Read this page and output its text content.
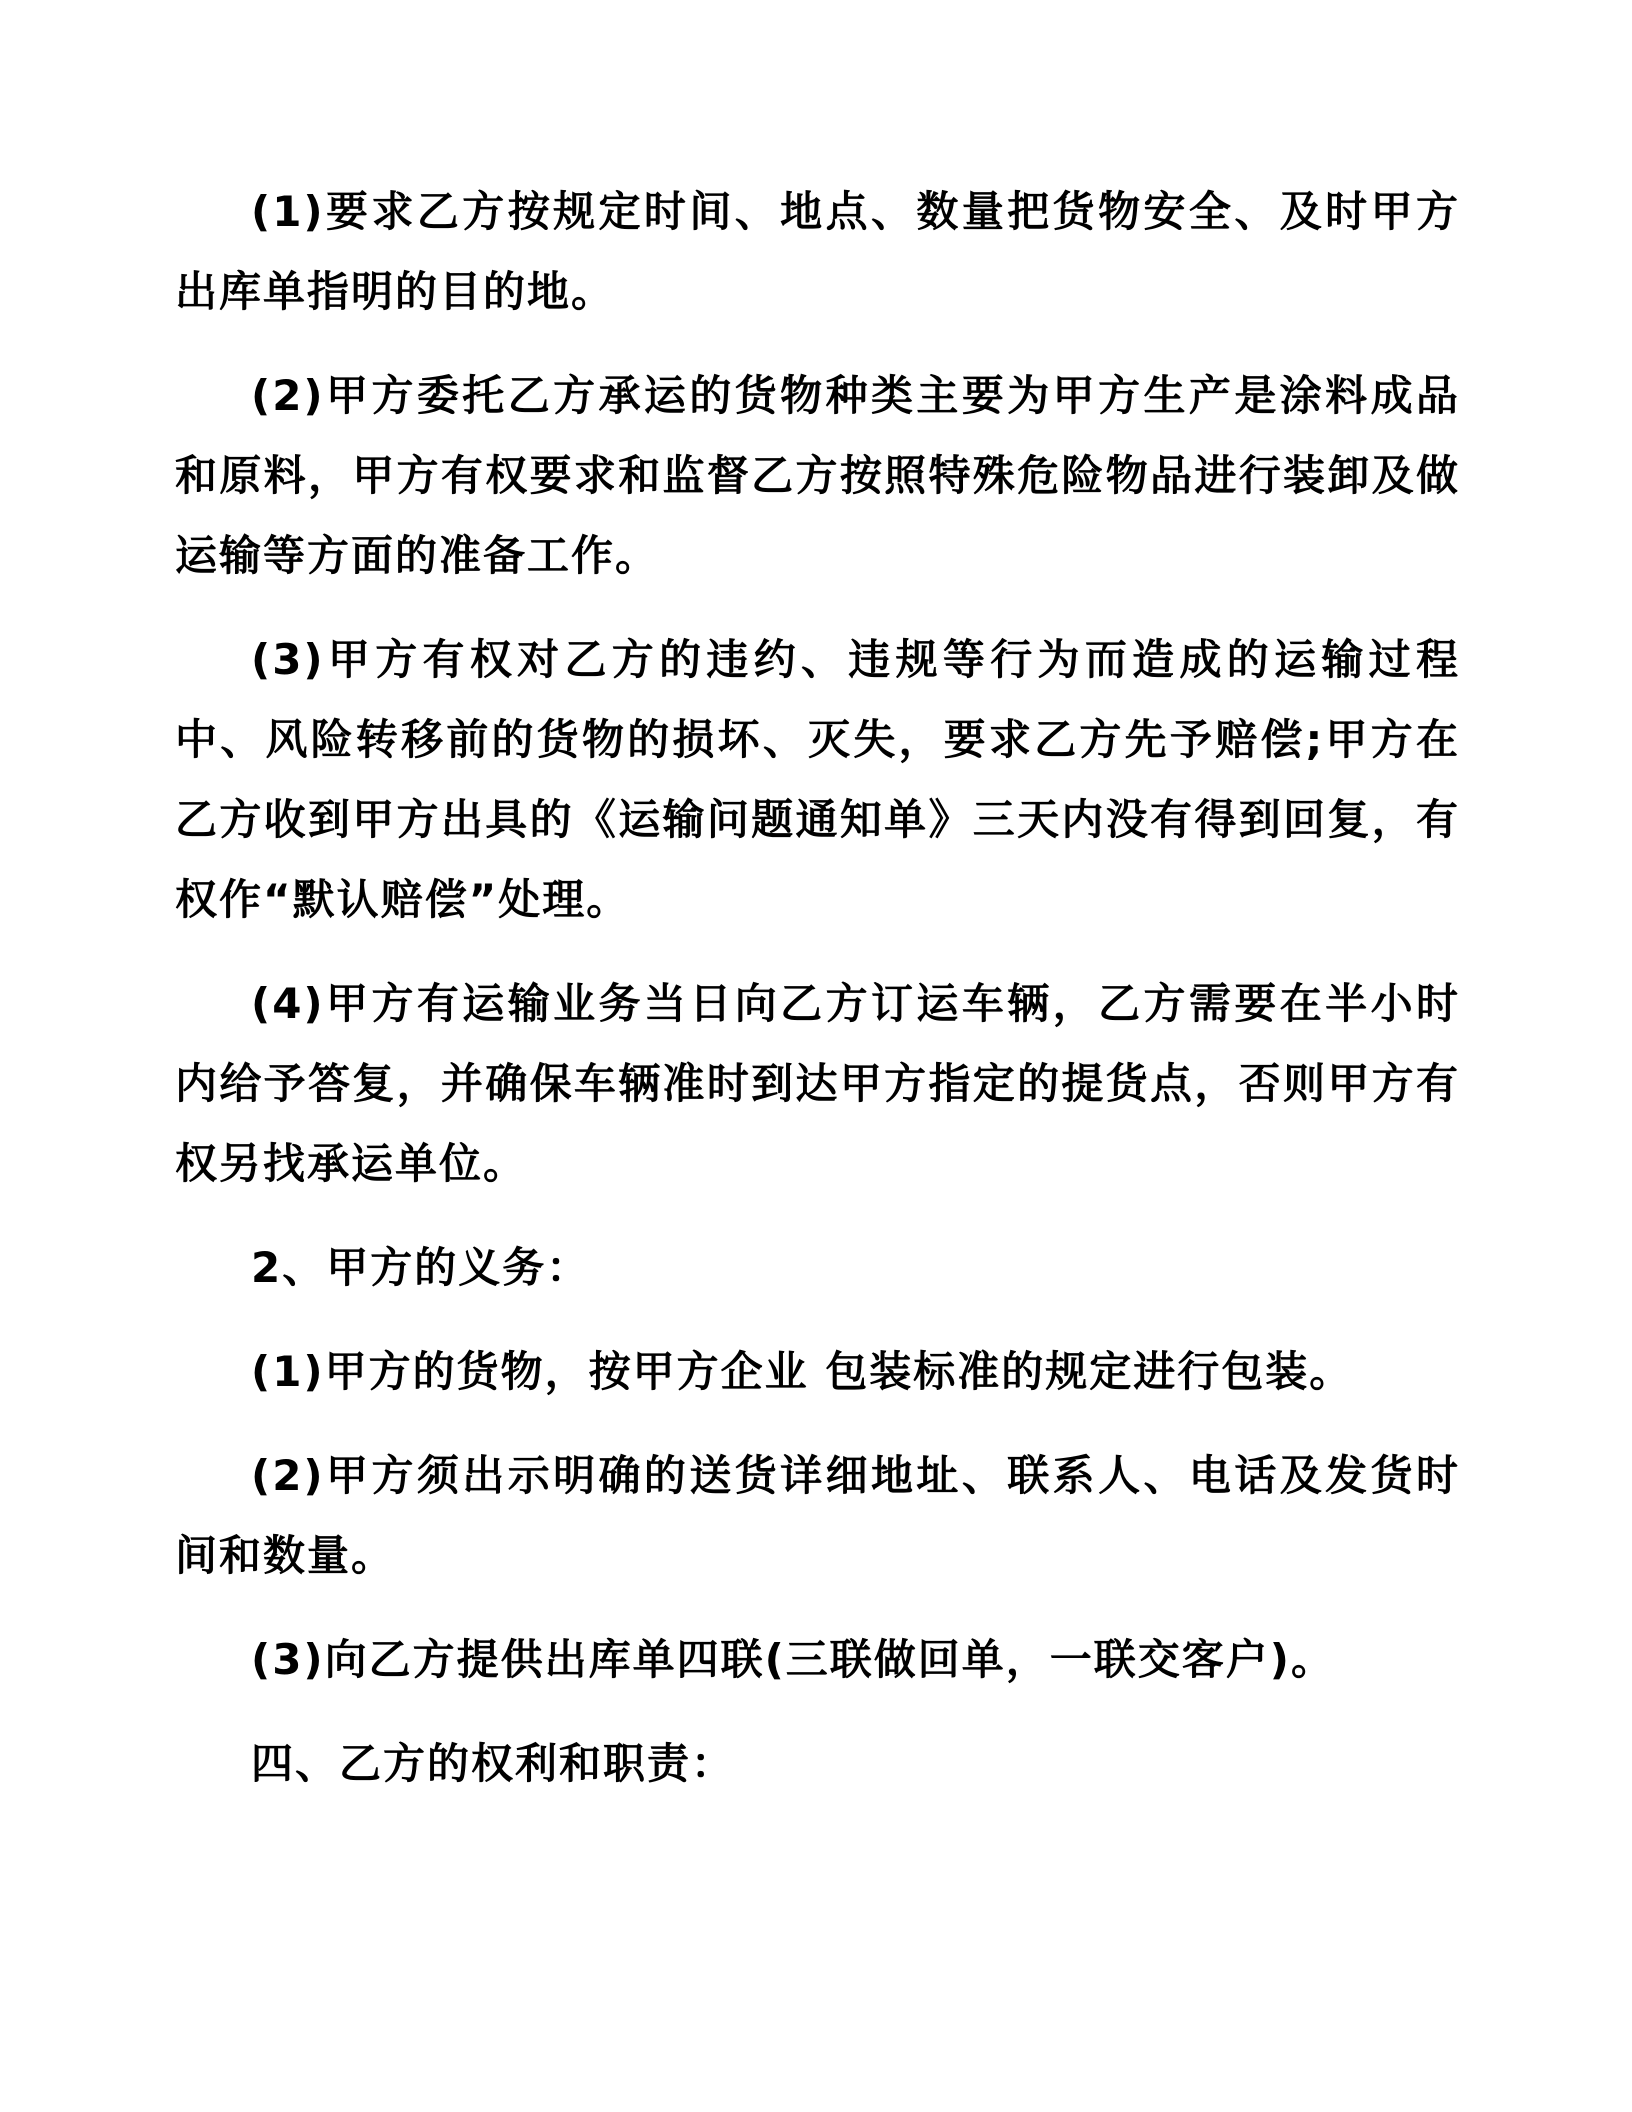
(1)要求乙方按规定时间、地点、数量把货物安全、及时甲方出库单指明的目的地。

(2)甲方委托乙方承运的货物种类主要为甲方生产是涂料成品和原料，甲方有权要求和监督乙方按照特殊危险物品进行装卸及做运输等方面的准备工作。

(3)甲方有权对乙方的违约、违规等行为而造成的运输过程中、风险转移前的货物的损坏、灭失，要求乙方先予赔偿;甲方在乙方收到甲方出具的《运输问题通知单》三天内没有得到回复，有权作“默认赔偿”处理。

(4)甲方有运输业务当日向乙方订运车辆，乙方需要在半小时内给予答复，并确保车辆准时到达甲方指定的提货点，否则甲方有权另找承运单位。

2、甲方的义务：

(1)甲方的货物，按甲方企业 包装标准的规定进行包装。

(2)甲方须出示明确的送货详细地址、联系人、电话及发货时间和数量。

(3)向乙方提供出库单四联(三联做回单，一联交客户)。

四、乙方的权利和职责：
